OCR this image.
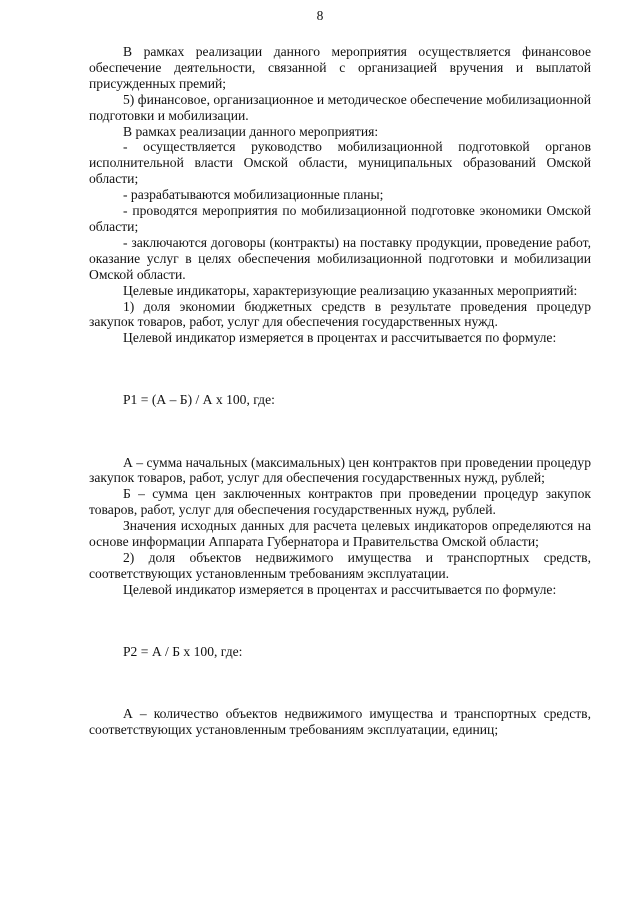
8

В рамках реализации данного мероприятия осуществляется финансовое обеспечение деятельности, связанной с организацией вручения и выплатой присужденных премий;

5) финансовое, организационное и методическое обеспечение мобилизационной подготовки и мобилизации.

В рамках реализации данного мероприятия:

- осуществляется руководство мобилизационной подготовкой органов исполнительной власти Омской области, муниципальных образований Омской области;

- разрабатываются мобилизационные планы;

- проводятся мероприятия по мобилизационной подготовке экономики Омской области;

- заключаются договоры (контракты) на поставку продукции, проведение работ, оказание услуг в целях обеспечения мобилизационной подготовки и мобилизации Омской области.

Целевые индикаторы, характеризующие реализацию указанных мероприятий:

1) доля экономии бюджетных средств в результате проведения процедур закупок товаров, работ, услуг для обеспечения государственных нужд.

Целевой индикатор измеряется в процентах и рассчитывается по формуле:

P1 = (А – Б) / А x 100, где:

А – сумма начальных (максимальных) цен контрактов при проведении процедур закупок товаров, работ, услуг для обеспечения государственных нужд, рублей;

Б – сумма цен заключенных контрактов при проведении процедур закупок товаров, работ, услуг для обеспечения государственных нужд, рублей.

Значения исходных данных для расчета целевых индикаторов определяются на основе информации Аппарата Губернатора и Правительства Омской области;

2) доля объектов недвижимого имущества и транспортных средств, соответствующих установленным требованиям эксплуатации.

Целевой индикатор измеряется в процентах и рассчитывается по формуле:

P2 = А / Б x 100, где:

А – количество объектов недвижимого имущества и транспортных средств, соответствующих установленным требованиям эксплуатации, единиц;
